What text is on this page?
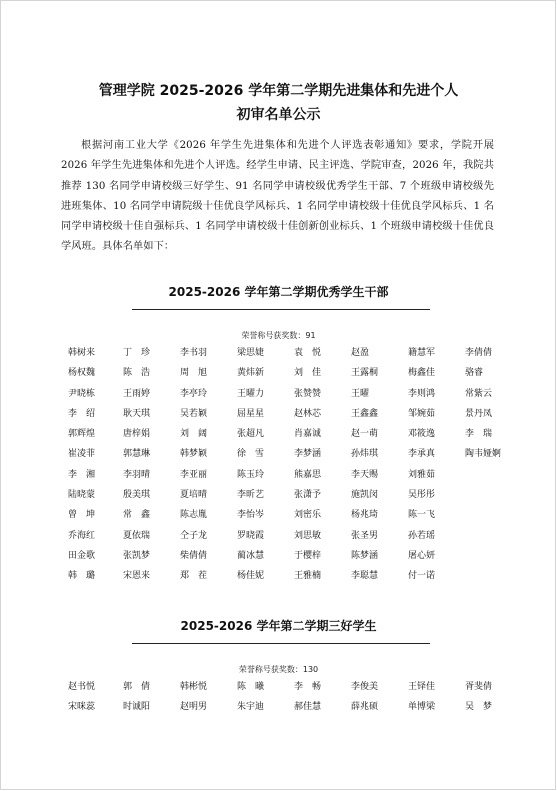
管理学院 2025-2026 学年第二学期先进集体和先进个人
初审名单公示
根据河南工业大学《2026 年学生先进集体和先进个人评选表彰通知》要求，学院开展 2026 年学生先进集体和先进个人评选。经学生申请、民主评选、学院审查，2026 年，我院共推荐 130 名同学申请校级三好学生、91 名同学申请校级优秀学生干部、7 个班级申请校级先进班集体、10 名同学申请院级十佳优良学风标兵、1 名同学申请校级十佳优良学风标兵、1 名同学申请校级十佳自强标兵、1 名同学申请校级十佳创新创业标兵、1 个班级申请校级十佳优良学风班。具体名单如下：
2025-2026 学年第二学期优秀学生干部
荣誉称号获奖数：91
韩树来	丁　珍	李书羽	梁思婕	袁　悦	赵盈	籍慧军	李倩倩
杨权魏	陈　浩	周　旭	黄炜新	刘　佳	王露桐	梅鑫佳	骆睿
尹晓栋	王雨婷	李亭玲	王曜力	张赞赞	王曜	李则鸿	常紫云
李　绍	耿天琪	吴若颖	屈星星	赵林芯	王鑫鑫	邹婉茹	景丹凤
郭辉煌	唐梓娟	刘　阔	张超凡	肖嘉诚	赵一萌	邓筱逸	李　瑞
崔凌菲	郭慧琳	韩梦颖	徐　雪	李梦涵	孙炜琪	李承真	陶韦娅婀
李　湘	李羽晴	李亚丽	陈玉玲	熊嘉思	李天赐	刘雅茹
陆晓蒙	殷美琪	夏培晴	李昕艺	张潇予	施凯闵	吴彤彤
曾　坤	常　鑫	陈志胤	李怡岑	刘密乐	杨兆琦	陈一飞
乔海红	夏依瑞	仝子龙	罗晓霞	刘思敏	张圣男	孙若瑶
田金歌	张凯梦	柴倩倩	蔺冰慧	于樱梓	陈梦涵	屠心妍
韩　璐	宋恩来	郑　茬	杨佳妮	王雅楠	李聪慧	付一诺
2025-2026 学年第二学期三好学生
荣誉称号获奖数：130
赵书悦	郭　倩	韩彬悦	陈　曦	李　畅	李俊美	王铎佳	胥斐倩
宋咪蕊	时诚阳	赵明男	朱宇迪	郝佳慧	薛兆硕	单博梁	吴　梦
